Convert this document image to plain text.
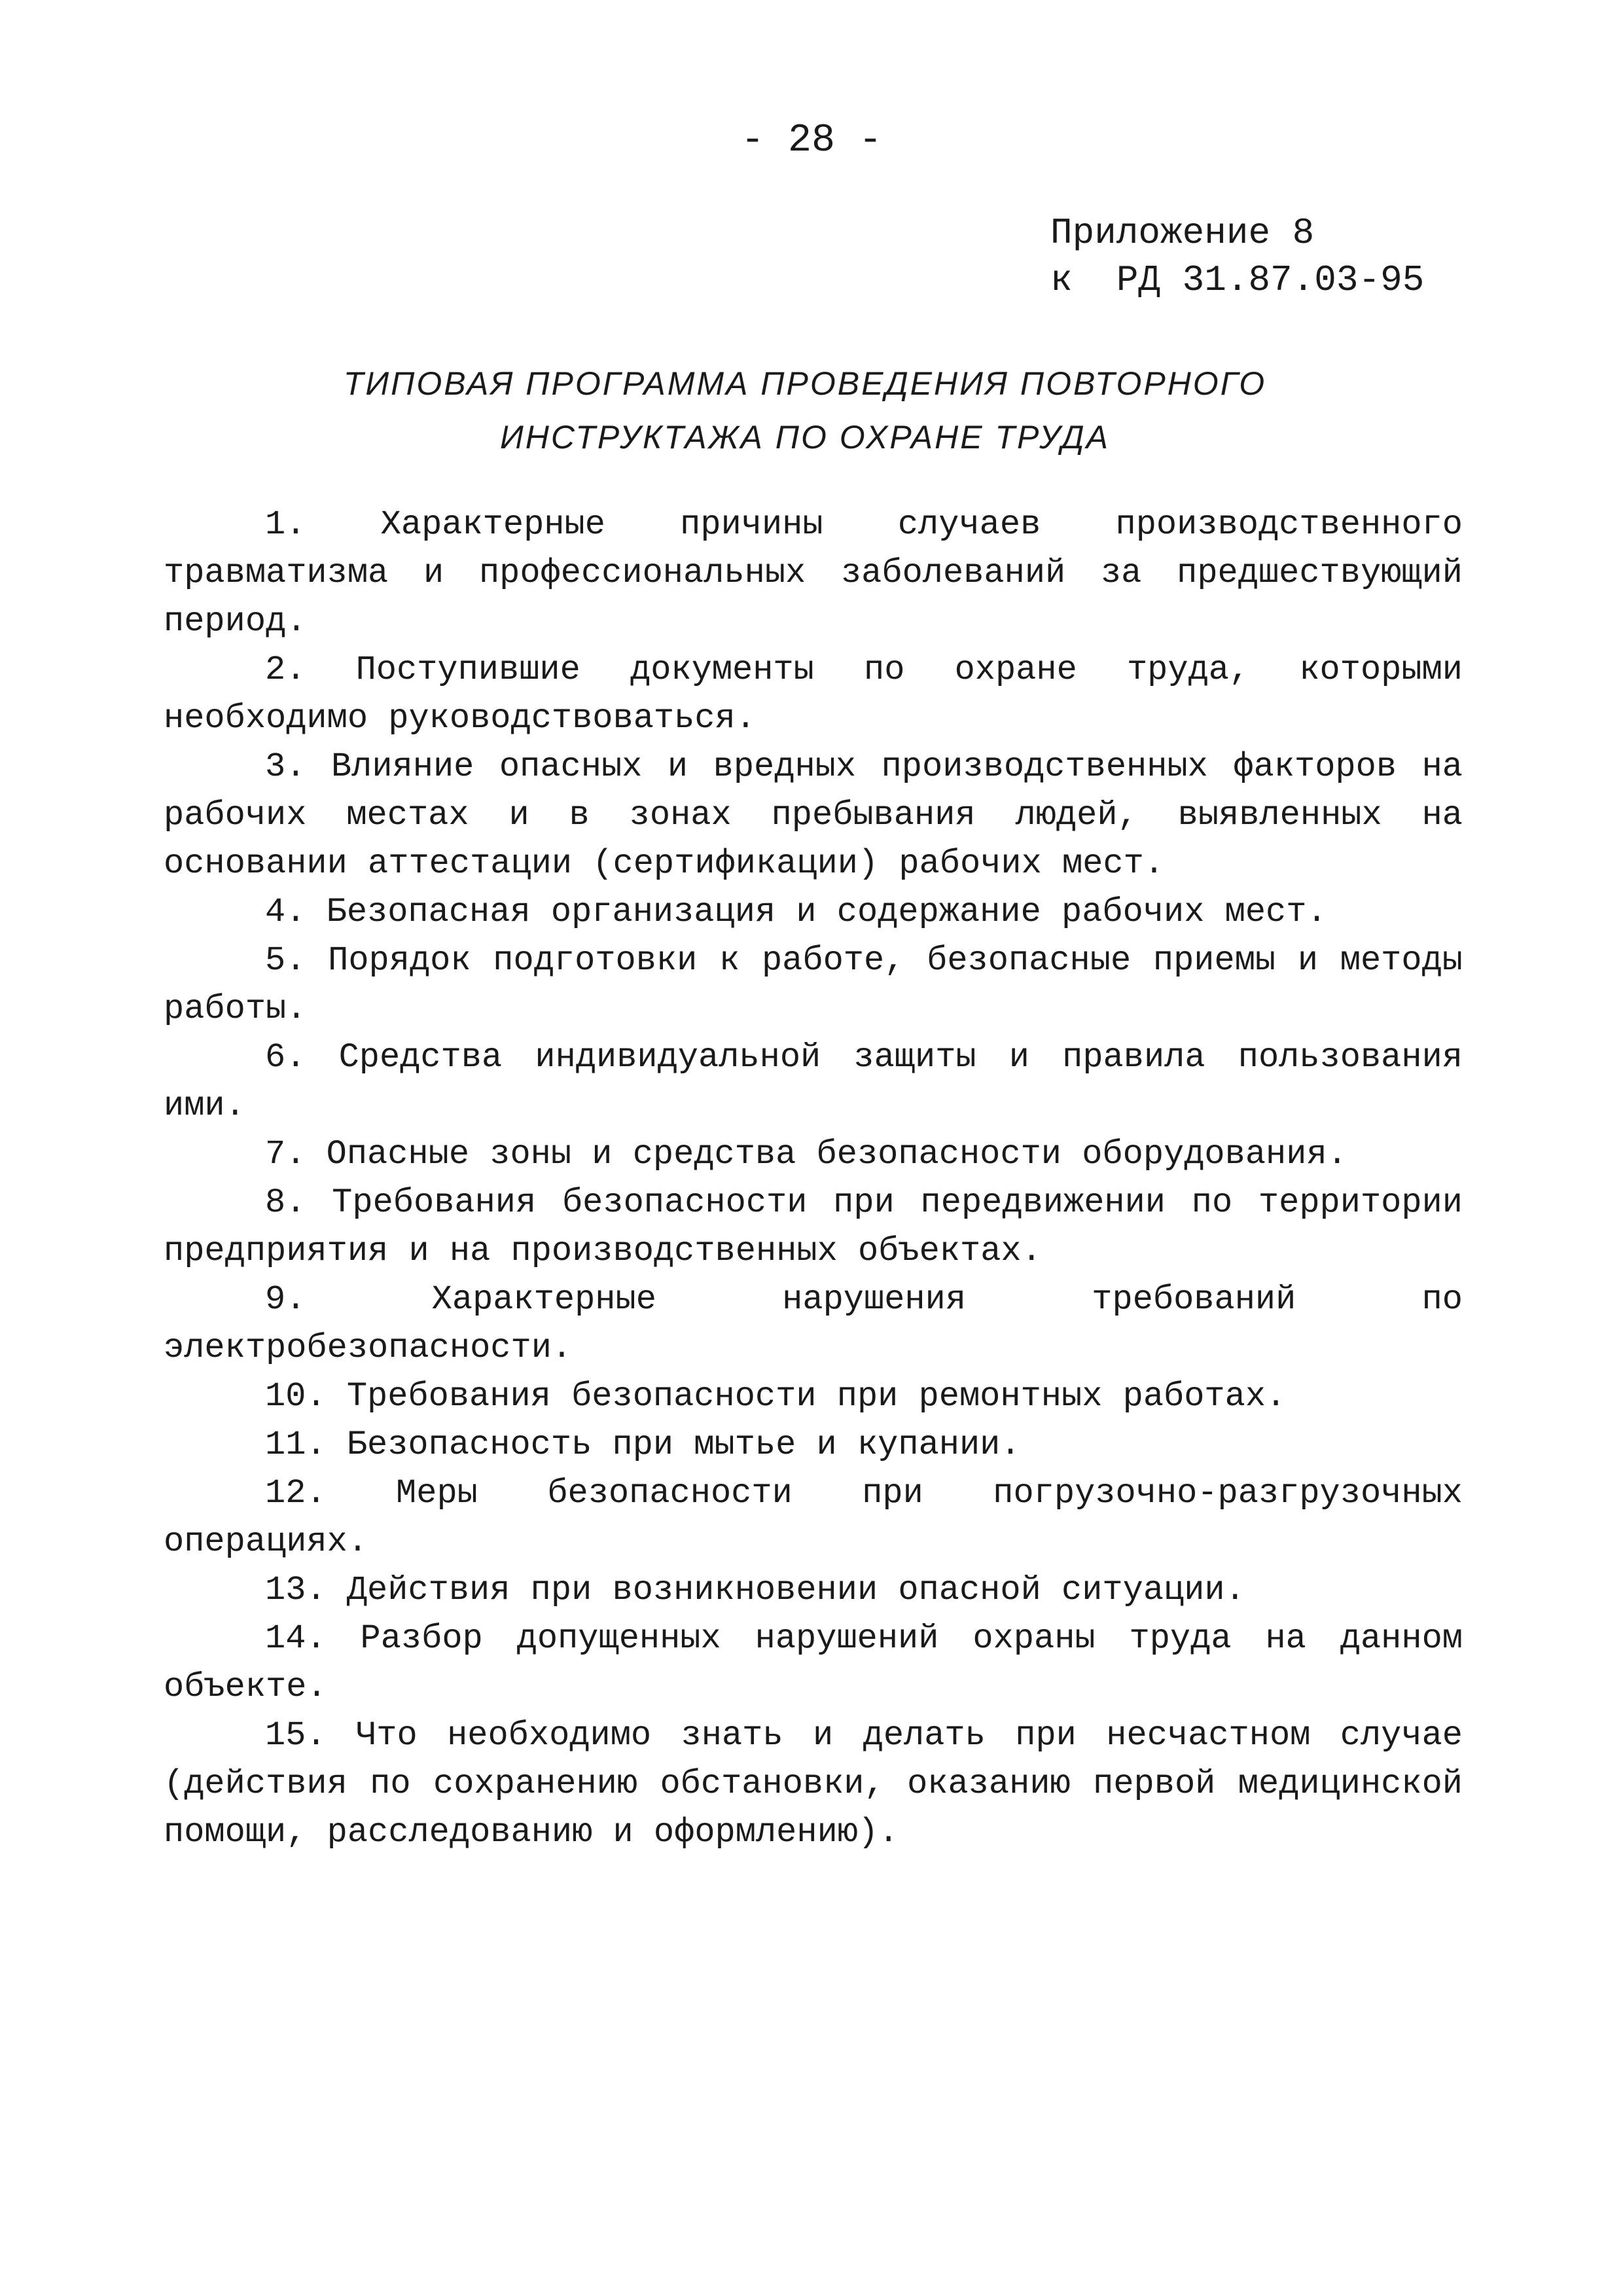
- 28 -
Приложение 8
к  РД 31.87.03-95
ТИПОВАЯ ПРОГРАММА ПРОВЕДЕНИЯ ПОВТОРНОГО
ИНСТРУКТАЖА ПО ОХРАНЕ ТРУДА

1. Характерные причины случаев производственного травматизма и профессиональных заболеваний за предшествующий период.

2. Поступившие документы по охране труда, которыми необходимо руководствоваться.

3. Влияние опасных и вредных производственных факторов на рабочих местах и в зонах пребывания людей, выявленных на основании аттестации (сертификации) рабочих мест.

4. Безопасная организация и содержание рабочих мест.

5. Порядок подготовки к работе, безопасные приемы и методы работы.

6. Средства индивидуальной защиты и правила пользования ими.

7. Опасные зоны и средства безопасности оборудования.

8. Требования безопасности при передвижении по территории предприятия и на производственных объектах.

9. Характерные нарушения требований по электробезопасности.

10. Требования безопасности при ремонтных работах.

11. Безопасность при мытье и купании.

12. Меры безопасности при погрузочно-разгрузочных операциях.

13. Действия при возникновении опасной ситуации.

14. Разбор допущенных нарушений охраны труда на данном объекте.

15. Что необходимо знать и делать при несчастном случае (действия по сохранению обстановки, оказанию первой медицинской помощи, расследованию и оформлению).
